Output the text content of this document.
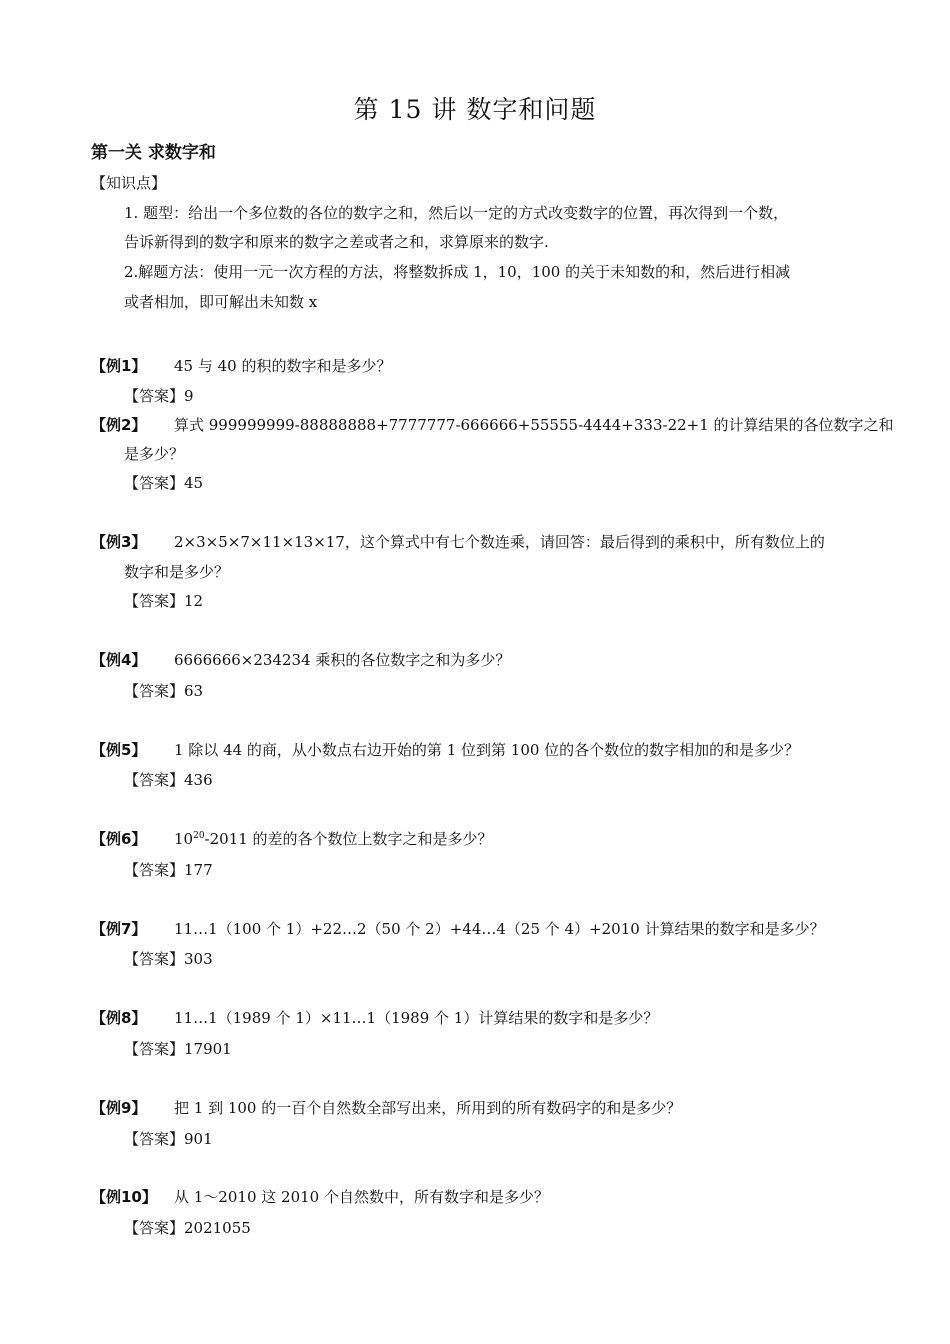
第 15 讲 数字和问题
第一关 求数字和
【知识点】
1. 题型：给出一个多位数的各位的数字之和，然后以一定的方式改变数字的位置，再次得到一个数，
告诉新得到的数字和原来的数字之差或者之和，求算原来的数字.
2.解题方法：使用一元一次方程的方法，将整数拆成 1，10，100 的关于未知数的和，然后进行相减
或者相加，即可解出未知数 x
【例1】 45 与 40 的积的数字和是多少？
【答案】9
【例2】 算式 999999999-88888888+7777777-666666+55555-4444+333-22+1 的计算结果的各位数字之和
是多少？
【答案】45
【例3】 2×3×5×7×11×13×17，这个算式中有七个数连乘，请回答：最后得到的乘积中，所有数位上的
数字和是多少？
【答案】12
【例4】 6666666×234234 乘积的各位数字之和为多少？
【答案】63
【例5】 1 除以 44 的商，从小数点右边开始的第 1 位到第 100 位的各个数位的数字相加的和是多少？
【答案】436
【例6】 $10^{20}-2011$ 的差的各个数位上数字之和是多少？
【答案】177
【例7】 11…1（100 个 1）+22…2（50 个 2）+44…4（25 个 4）+2010 计算结果的数字和是多少？
【答案】303
【例8】 11…1（1989 个 1）×11…1（1989 个 1）计算结果的数字和是多少？
【答案】17901
【例9】 把 1 到 100 的一百个自然数全部写出来，所用到的所有数码字的和是多少？
【答案】901
【例10】 从 1～2010 这 2010 个自然数中，所有数字和是多少？
【答案】2021055
